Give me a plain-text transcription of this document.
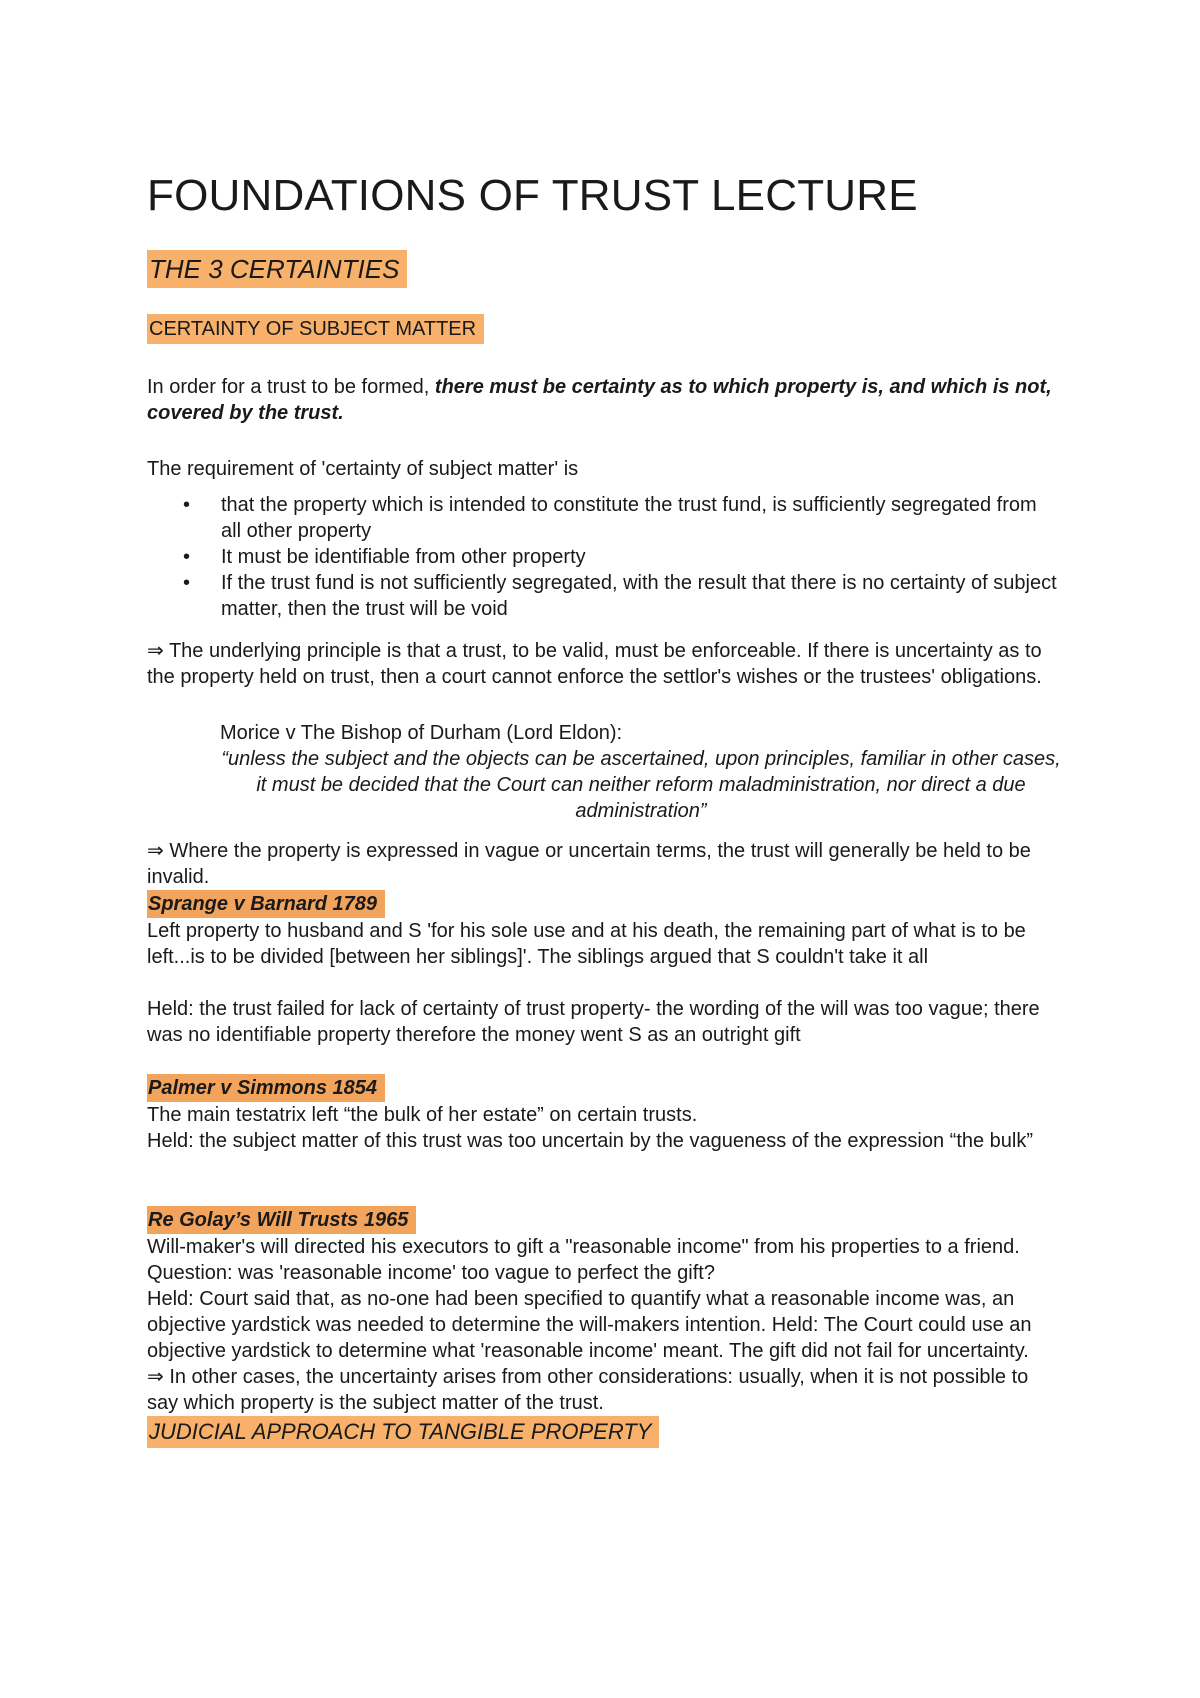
FOUNDATIONS OF TRUST LECTURE
THE 3 CERTAINTIES
CERTAINTY OF SUBJECT MATTER

In order for a trust to be formed, there must be certainty as to which property is, and which is not, covered by the trust.

The requirement of 'certainty of subject matter' is

• that the property which is intended to constitute the trust fund, is sufficiently segregated from all other property
• It must be identifiable from other property
• If the trust fund is not sufficiently segregated, with the result that there is no certainty of subject matter, then the trust will be void

⇒ The underlying principle is that a trust, to be valid, must be enforceable. If there is uncertainty as to the property held on trust, then a court cannot enforce the settlor's wishes or the trustees' obligations.

Morice v The Bishop of Durham (Lord Eldon):

“unless the subject and the objects can be ascertained, upon principles, familiar in other cases, it must be decided that the Court can neither reform maladministration, nor direct a due administration”

⇒ Where the property is expressed in vague or uncertain terms, the trust will generally be held to be invalid.

Sprange v Barnard 1789

Left property to husband and S 'for his sole use and at his death, the remaining part of what is to be left...is to be divided [between her siblings]'. The siblings argued that S couldn't take it all

Held: the trust failed for lack of certainty of trust property- the wording of the will was too vague; there was no identifiable property therefore the money went S as an outright gift

Palmer v Simmons 1854

The main testatrix left “the bulk of her estate” on certain trusts.

Held: the subject matter of this trust was too uncertain by the vagueness of the expression “the bulk”

Re Golay’s Will Trusts 1965

Will-maker's will directed his executors to gift a "reasonable income" from his properties to a friend. Question: was 'reasonable income' too vague to perfect the gift?

Held: Court said that, as no-one had been specified to quantify what a reasonable income was, an objective yardstick was needed to determine the will-makers intention. Held: The Court could use an objective yardstick to determine what 'reasonable income' meant. The gift did not fail for uncertainty.

⇒ In other cases, the uncertainty arises from other considerations: usually, when it is not possible to say which property is the subject matter of the trust.

JUDICIAL APPROACH TO TANGIBLE PROPERTY
